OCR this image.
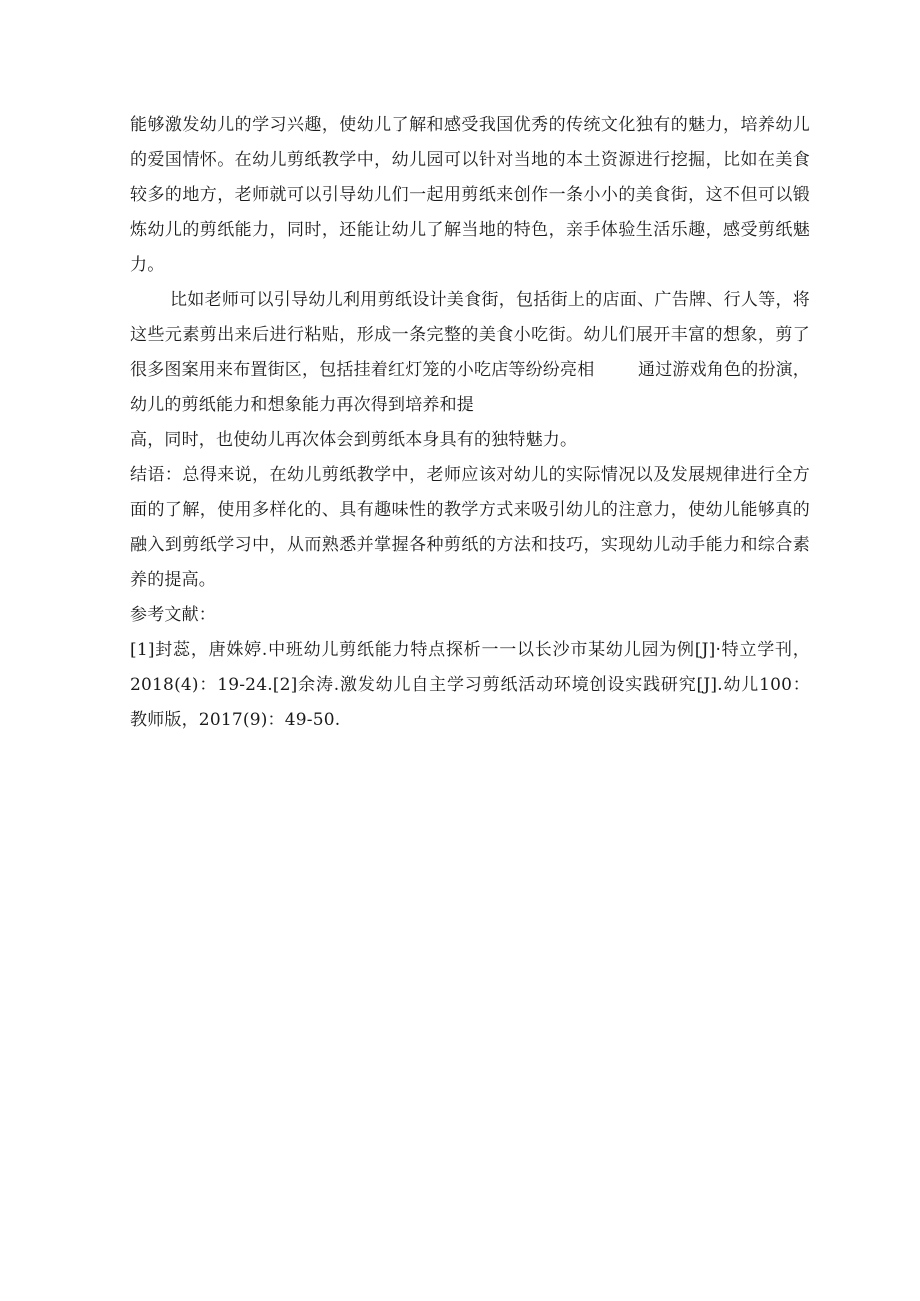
能够激发幼儿的学习兴趣，使幼儿了解和感受我国优秀的传统文化独有的魅力，培养幼儿
的爱国情怀。在幼儿剪纸教学中，幼儿园可以针对当地的本土资源进行挖掘，比如在美食
较多的地方，老师就可以引导幼儿们一起用剪纸来创作一条小小的美食街，这不但可以锻
炼幼儿的剪纸能力，同时，还能让幼儿了解当地的特色，亲手体验生活乐趣，感受剪纸魅
力。
比如老师可以引导幼儿利用剪纸设计美食街，包括街上的店面、广告牌、行人等，将
这些元素剪出来后进行粘贴，形成一条完整的美食小吃街。幼儿们展开丰富的想象，剪了
很多图案用来布置街区，包括挂着红灯笼的小吃店等纷纷亮相	通过游戏角色的扮演，
幼儿的剪纸能力和想象能力再次得到培养和提
高，同时，也使幼儿再次体会到剪纸本身具有的独特魅力。
结语：总得来说，在幼儿剪纸教学中，老师应该对幼儿的实际情况以及发展规律进行全方
面的了解，使用多样化的、具有趣味性的教学方式来吸引幼儿的注意力，使幼儿能够真的
融入到剪纸学习中，从而熟悉并掌握各种剪纸的方法和技巧，实现幼儿动手能力和综合素
养的提高。
参考文献：
[1]封蕊，唐姝婷.中班幼儿剪纸能力特点探析一一以长沙市某幼儿园为例[J]·特立学刊，
2018(4)：19-24.[2]余涛.激发幼儿自主学习剪纸活动环境创设实践研究[J].幼儿100：
教师版，2017(9)：49-50.
